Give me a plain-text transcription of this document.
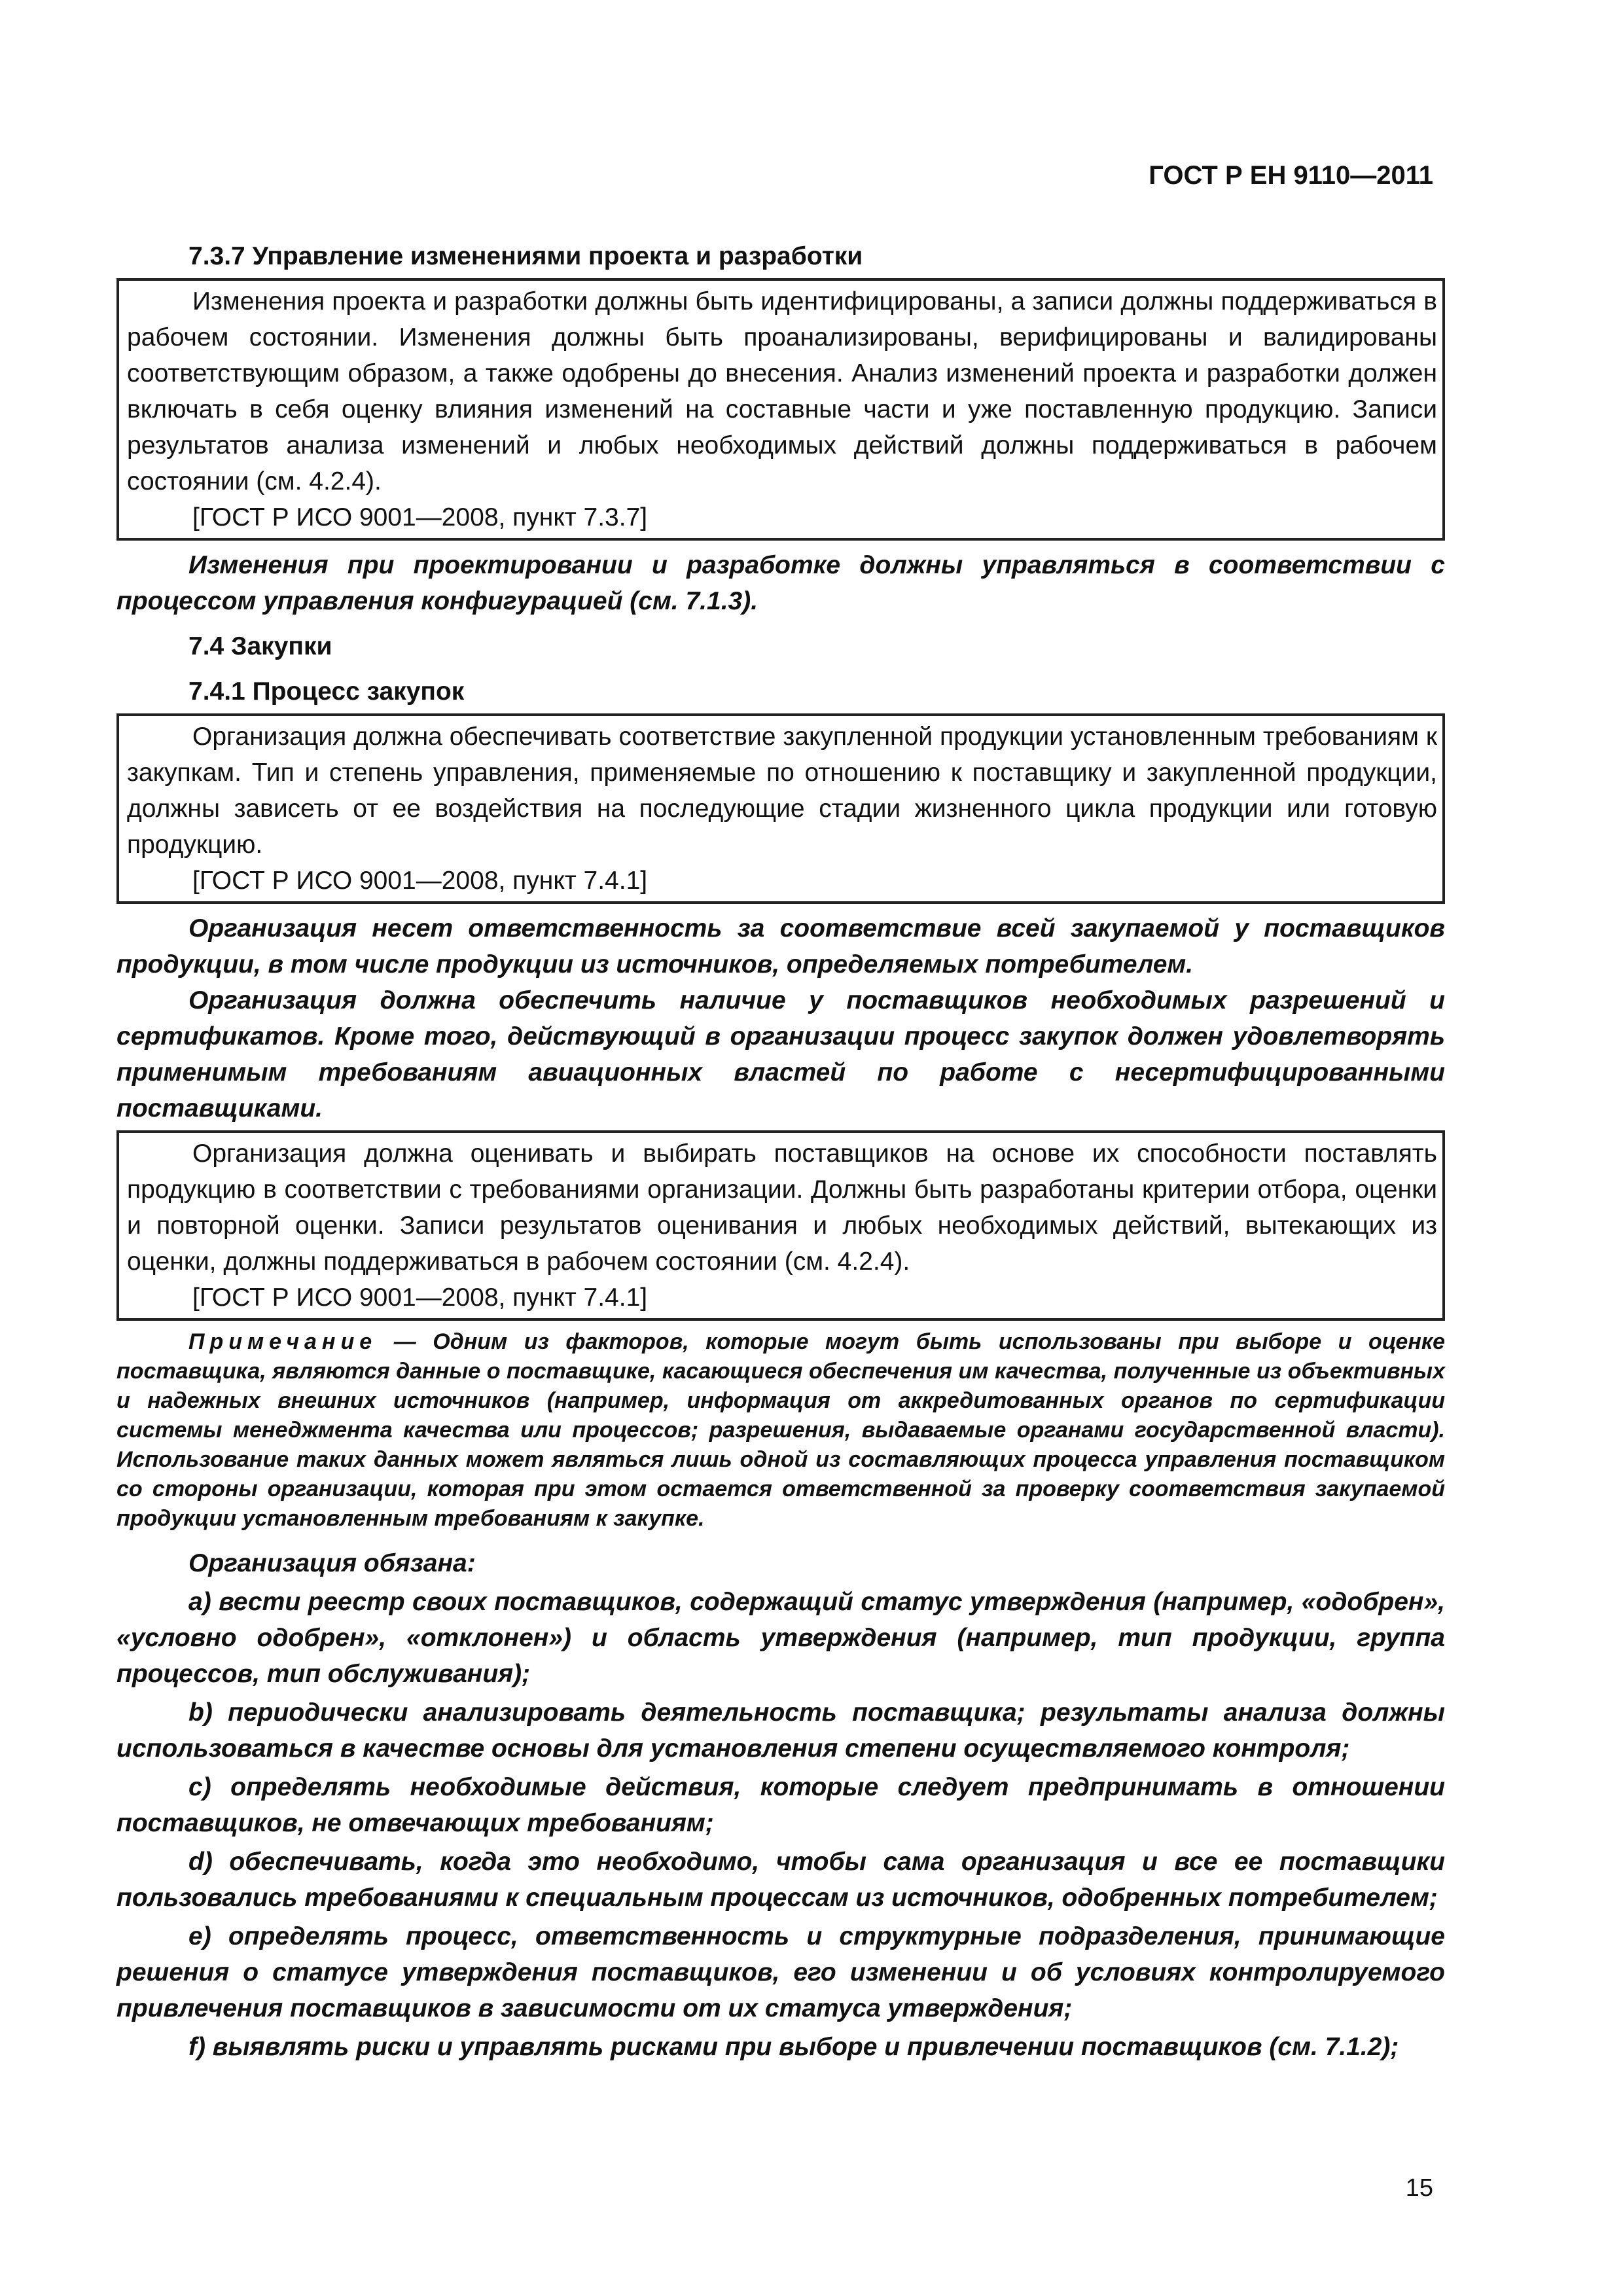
ГОСТ Р ЕН 9110—2011
7.3.7 Управление изменениями проекта и разработки

Изменения проекта и разработки должны быть идентифицированы, а записи должны поддерживаться в рабочем состоянии. Изменения должны быть проанализированы, верифицированы и валидированы соответствующим образом, а также одобрены до внесения. Анализ изменений проекта и разработки должен включать в себя оценку влияния изменений на составные части и уже поставленную продукцию. Записи результатов анализа изменений и любых необходимых действий должны поддерживаться в рабочем состоянии (см. 4.2.4).

[ГОСТ Р ИСО 9001—2008, пункт 7.3.7]

Изменения при проектировании и разработке должны управляться в соответствии с процессом управления конфигурацией (см. 7.1.3).

7.4 Закупки
7.4.1 Процесс закупок

Организация должна обеспечивать соответствие закупленной продукции установленным требованиям к закупкам. Тип и степень управления, применяемые по отношению к поставщику и закупленной продукции, должны зависеть от ее воздействия на последующие стадии жизненного цикла продукции или готовую продукцию.

[ГОСТ Р ИСО 9001—2008, пункт 7.4.1]

Организация несет ответственность за соответствие всей закупаемой у поставщиков продукции, в том числе продукции из источников, определяемых потребителем.

Организация должна обеспечить наличие у поставщиков необходимых разрешений и сертификатов. Кроме того, действующий в организации процесс закупок должен удовлетворять применимым требованиям авиационных властей по работе с несертифицированными поставщиками.

Организация должна оценивать и выбирать поставщиков на основе их способности поставлять продукцию в соответствии с требованиями организации. Должны быть разработаны критерии отбора, оценки и повторной оценки. Записи результатов оценивания и любых необходимых действий, вытекающих из оценки, должны поддерживаться в рабочем состоянии (см. 4.2.4).

[ГОСТ Р ИСО 9001—2008, пункт 7.4.1]

Примечание — Одним из факторов, которые могут быть использованы при выборе и оценке поставщика, являются данные о поставщике, касающиеся обеспечения им качества, полученные из объективных и надежных внешних источников (например, информация от аккредитованных органов по сертификации системы менеджмента качества или процессов; разрешения, выдаваемые органами государственной власти). Использование таких данных может являться лишь одной из составляющих процесса управления поставщиком со стороны организации, которая при этом остается ответственной за проверку соответствия закупаемой продукции установленным требованиям к закупке.

Организация обязана:

а) вести реестр своих поставщиков, содержащий статус утверждения (например, «одобрен», «условно одобрен», «отклонен») и область утверждения (например, тип продукции, группа процессов, тип обслуживания);

b) периодически анализировать деятельность поставщика; результаты анализа должны использоваться в качестве основы для установления степени осуществляемого контроля;

c) определять необходимые действия, которые следует предпринимать в отношении поставщиков, не отвечающих требованиям;

d) обеспечивать, когда это необходимо, чтобы сама организация и все ее поставщики пользовались требованиями к специальным процессам из источников, одобренных потребителем;

e) определять процесс, ответственность и структурные подразделения, принимающие решения о статусе утверждения поставщиков, его изменении и об условиях контролируемого привлечения поставщиков в зависимости от их статуса утверждения;

f) выявлять риски и управлять рисками при выборе и привлечении поставщиков (см. 7.1.2);

15
